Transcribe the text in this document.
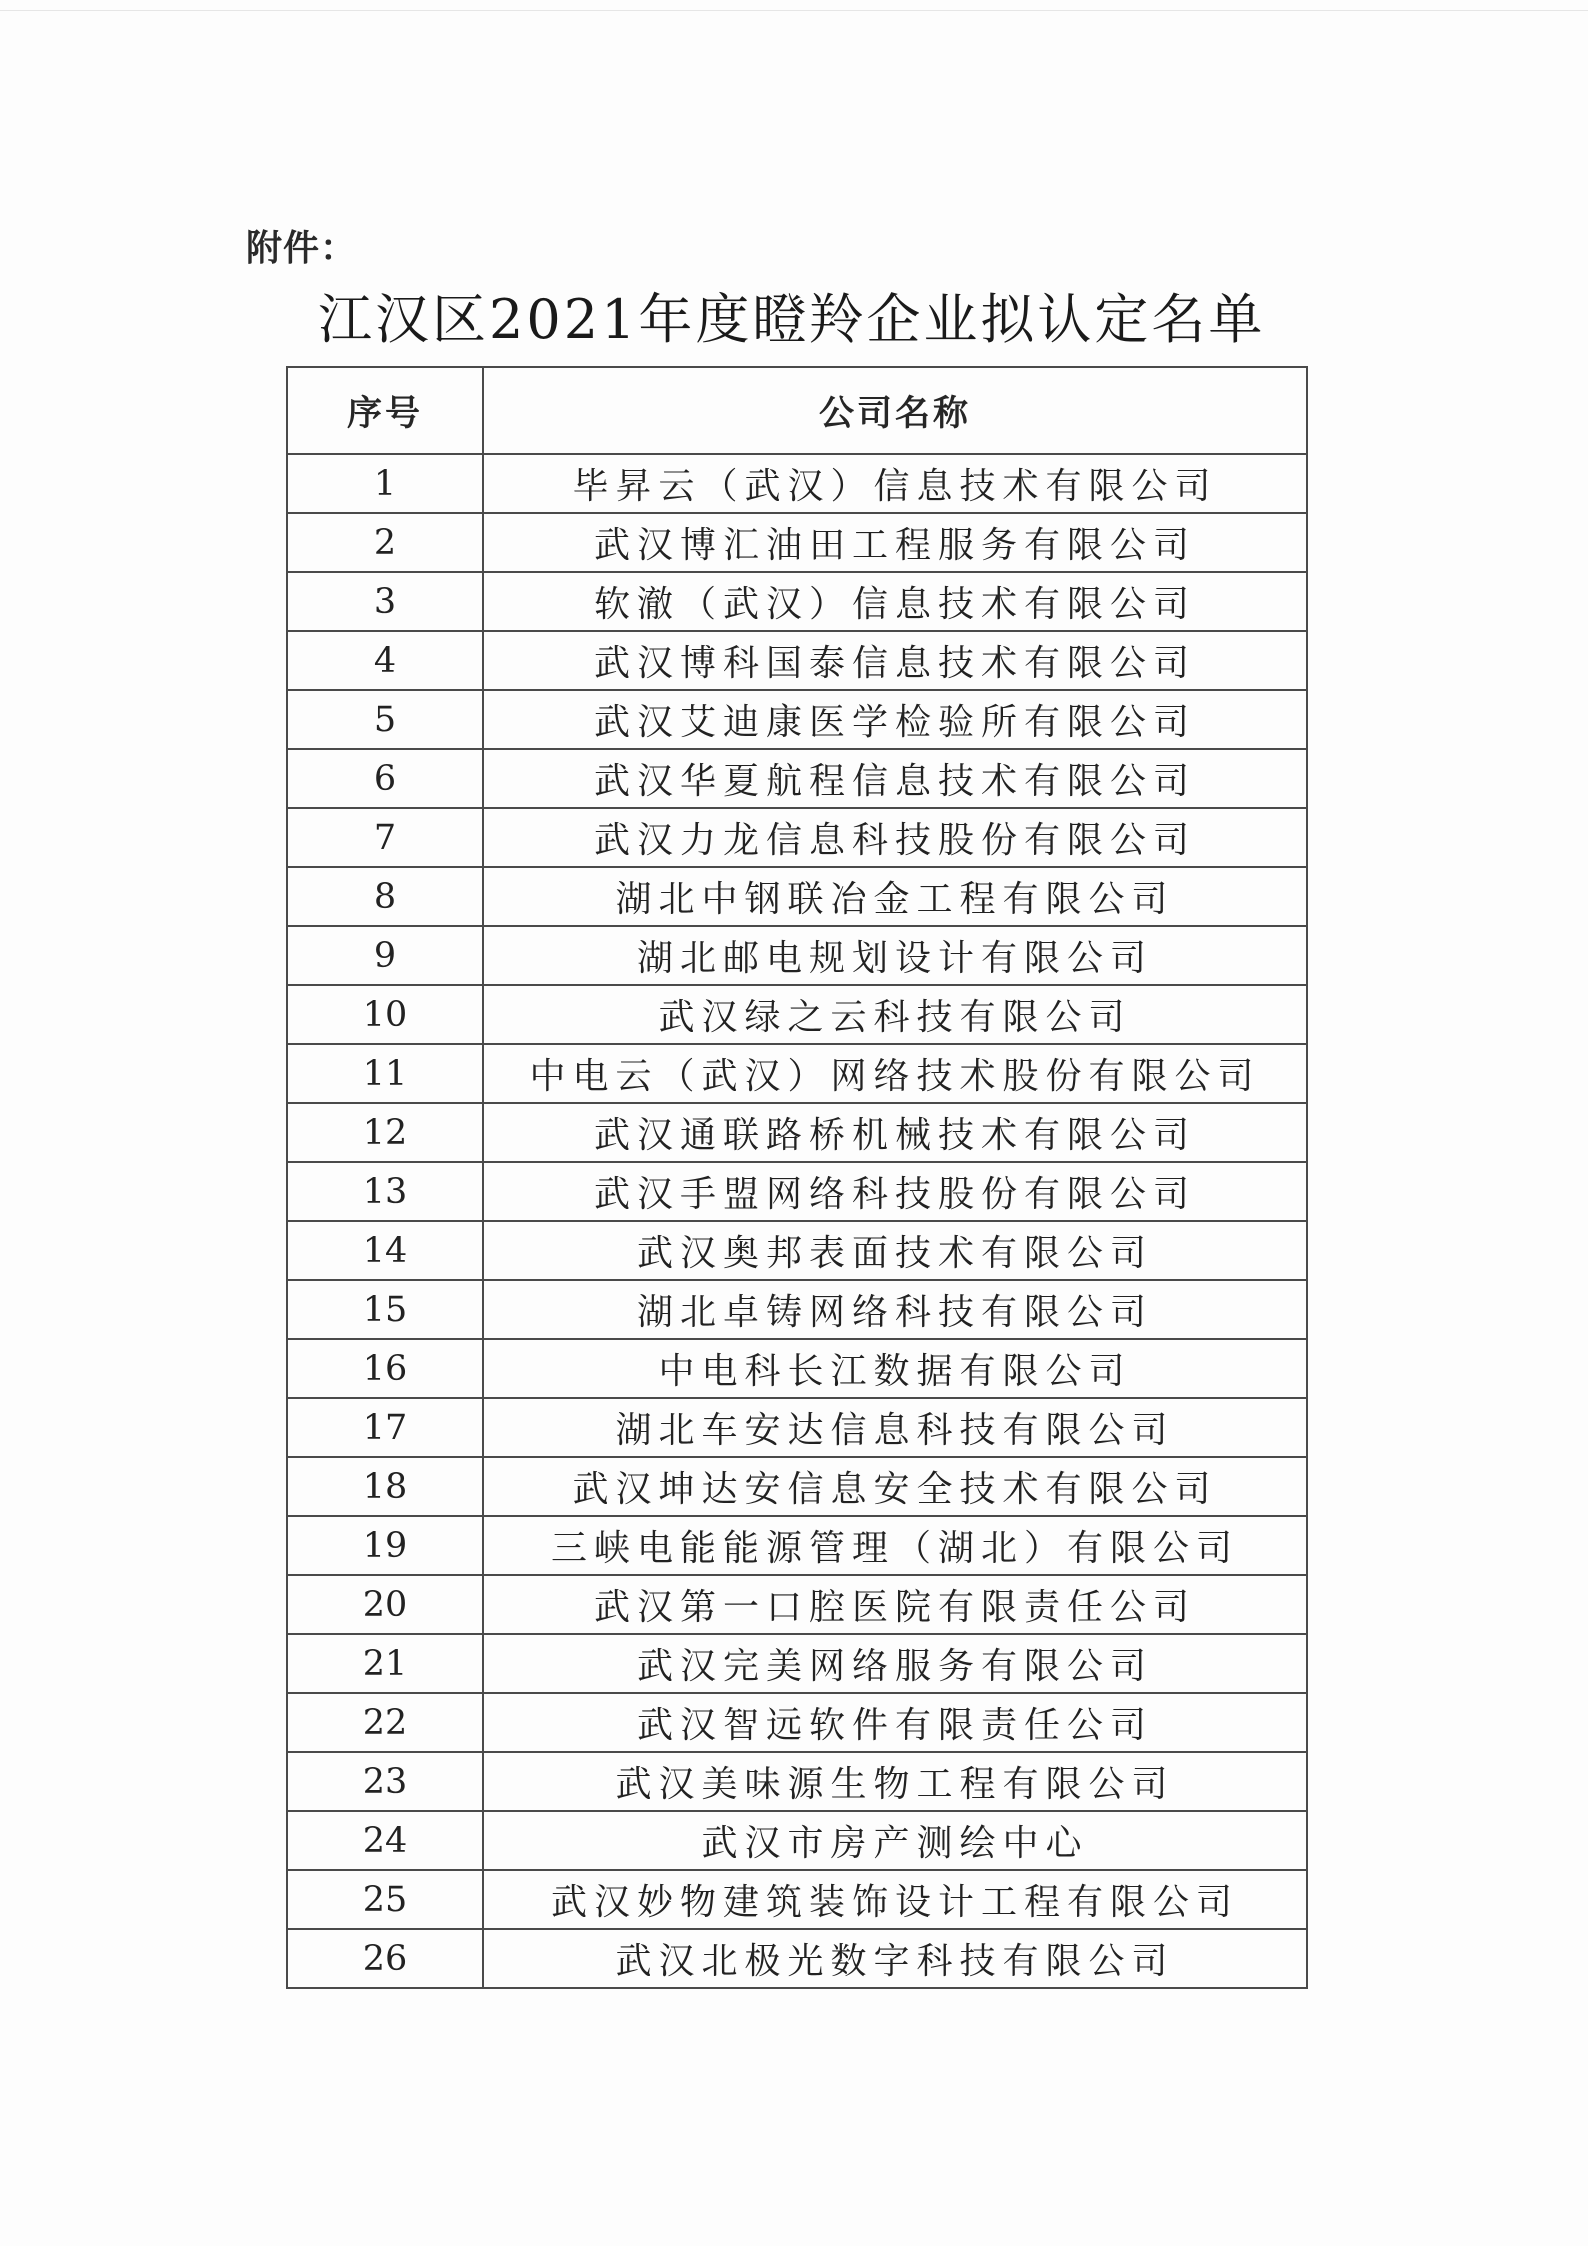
附件：
江汉区2021年度瞪羚企业拟认定名单
序号	公司名称
1	毕昇云（武汉）信息技术有限公司
2	武汉博汇油田工程服务有限公司
3	软澈（武汉）信息技术有限公司
4	武汉博科国泰信息技术有限公司
5	武汉艾迪康医学检验所有限公司
6	武汉华夏航程信息技术有限公司
7	武汉力龙信息科技股份有限公司
8	湖北中钢联冶金工程有限公司
9	湖北邮电规划设计有限公司
10	武汉绿之云科技有限公司
11	中电云（武汉）网络技术股份有限公司
12	武汉通联路桥机械技术有限公司
13	武汉手盟网络科技股份有限公司
14	武汉奥邦表面技术有限公司
15	湖北卓铸网络科技有限公司
16	中电科长江数据有限公司
17	湖北车安达信息科技有限公司
18	武汉坤达安信息安全技术有限公司
19	三峡电能能源管理（湖北）有限公司
20	武汉第一口腔医院有限责任公司
21	武汉完美网络服务有限公司
22	武汉智远软件有限责任公司
23	武汉美味源生物工程有限公司
24	武汉市房产测绘中心
25	武汉妙物建筑装饰设计工程有限公司
26	武汉北极光数字科技有限公司
